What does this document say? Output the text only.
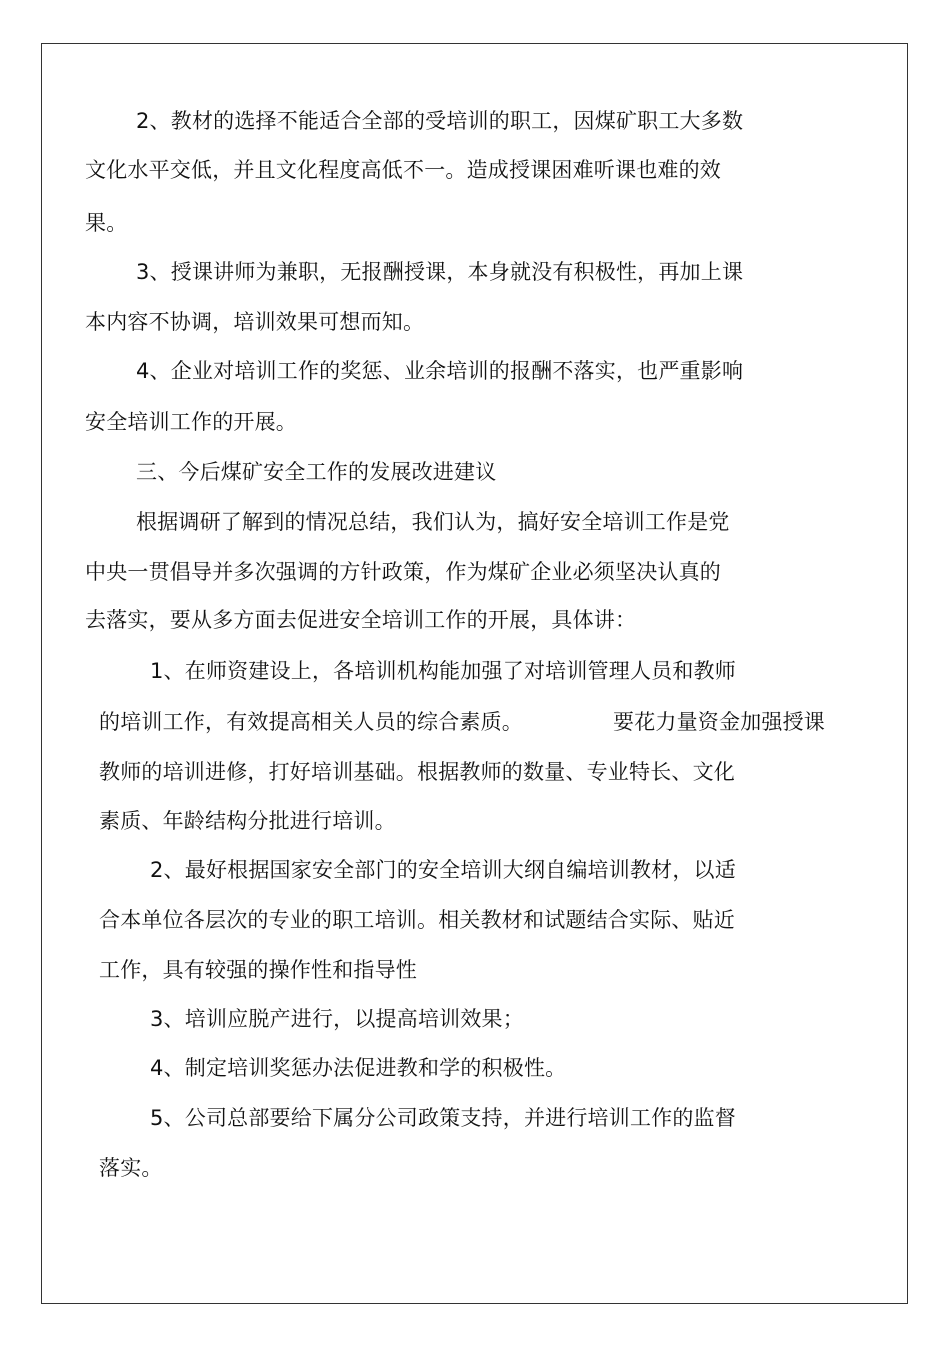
2、教材的选择不能适合全部的受培训的职工，因煤矿职工大多数
文化水平交低，并且文化程度高低不一。造成授课困难听课也难的效
果。
3、授课讲师为兼职，无报酬授课，本身就没有积极性，再加上课
本内容不协调，培训效果可想而知。
4、企业对培训工作的奖惩、业余培训的报酬不落实，也严重影响
安全培训工作的开展。
三、今后煤矿安全工作的发展改进建议
根据调研了解到的情况总结，我们认为，搞好安全培训工作是党
中央一贯倡导并多次强调的方针政策，作为煤矿企业必须坚决认真的
去落实，要从多方面去促进安全培训工作的开展，具体讲：
1、在师资建设上，各培训机构能加强了对培训管理人员和教师
的培训工作，有效提高相关人员的综合素质。	要花力量资金加强授课
教师的培训进修，打好培训基础。根据教师的数量、专业特长、文化
素质、年龄结构分批进行培训。
2、最好根据国家安全部门的安全培训大纲自编培训教材，以适
合本单位各层次的专业的职工培训。相关教材和试题结合实际、贴近
工作，具有较强的操作性和指导性
3、培训应脱产进行，以提高培训效果；
4、制定培训奖惩办法促进教和学的积极性。
5、公司总部要给下属分公司政策支持，并进行培训工作的监督
落实。
